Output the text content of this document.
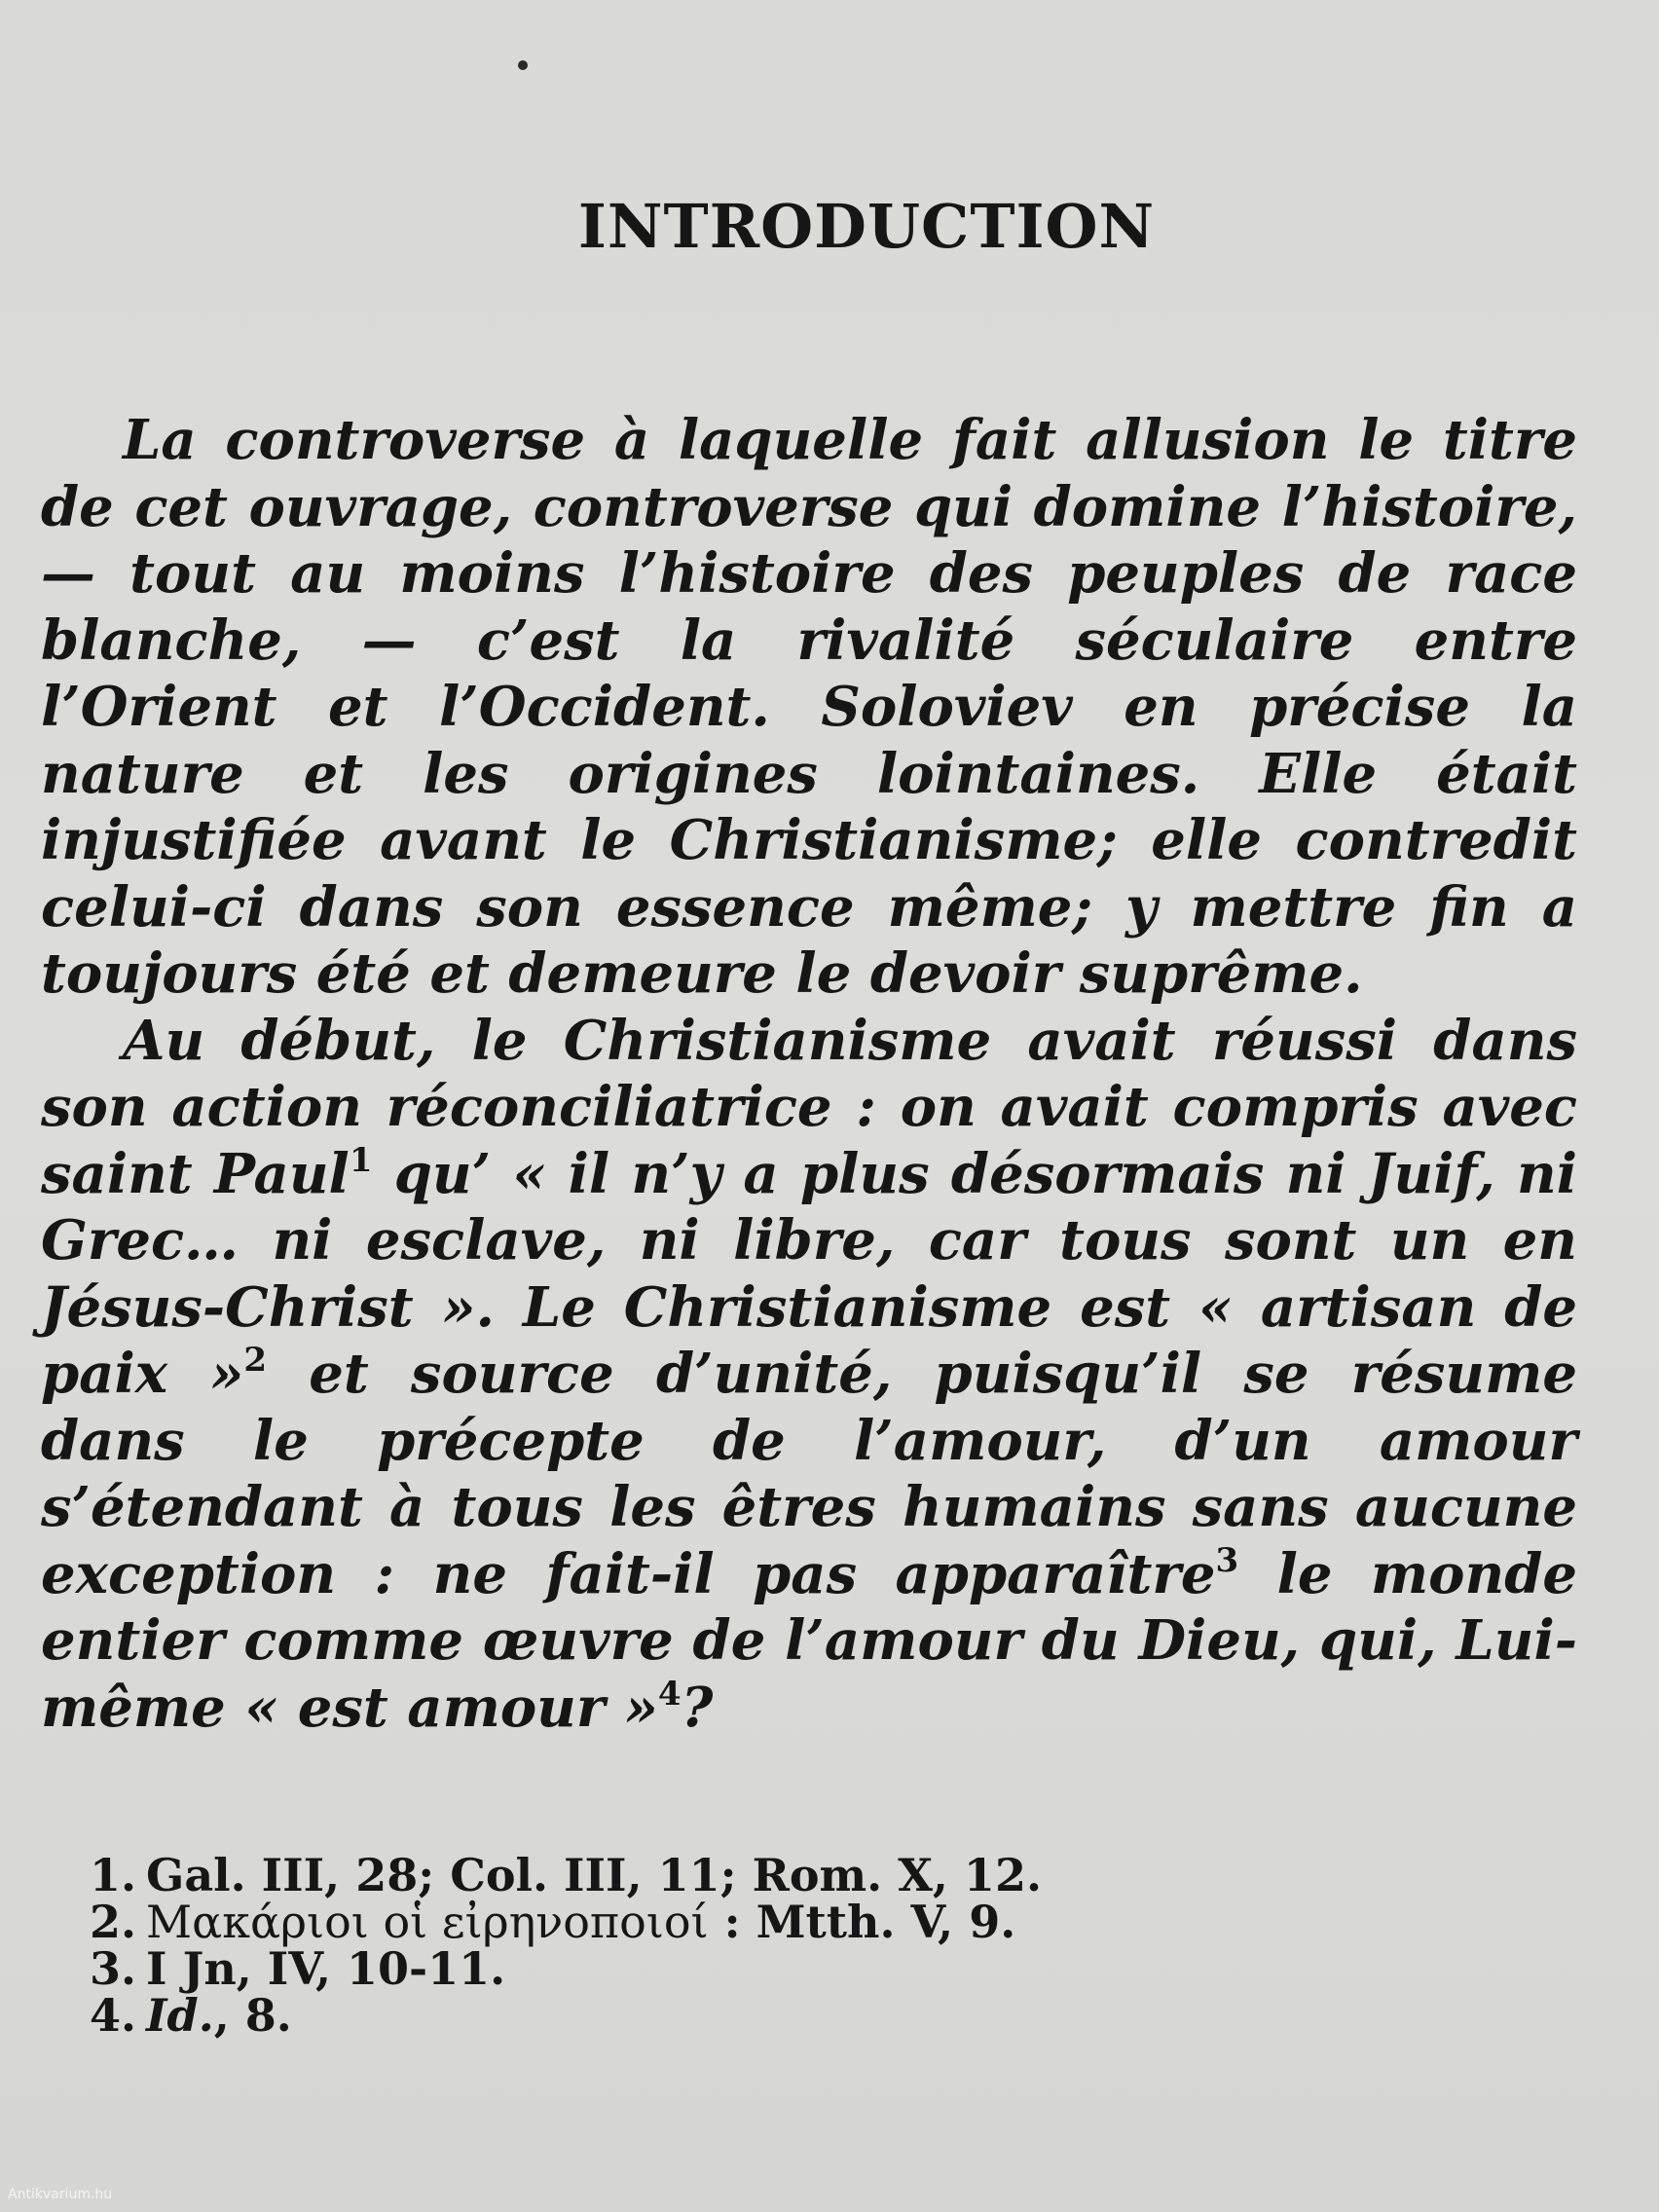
INTRODUCTION

La controverse à laquelle fait allusion le titre de cet ouvrage, controverse qui domine l’histoire, — tout au moins l’histoire des peuples de race blanche, — c’est la rivalité séculaire entre l’Orient et l’Occident. Soloviev en précise la nature et les origines lointaines. Elle était injustifiée avant le Christianisme; elle contredit celui-ci dans son essence même; y mettre fin a toujours été et demeure le devoir suprême.

Au début, le Christianisme avait réussi dans son action réconciliatrice : on avait compris avec saint Paul$^1$ qu’ « il n’y a plus désormais ni Juif, ni Grec… ni esclave, ni libre, car tous sont un en Jésus-Christ ». Le Christianisme est « artisan de paix »$^2$ et source d’unité, puisqu’il se résume dans le précepte de l’amour, d’un amour s’étendant à tous les êtres humains sans aucune exception : ne fait-il pas apparaître$^3$ le monde entier comme œuvre de l’amour du Dieu, qui, Lui-même « est amour »$^4$?

1. Gal. III, 28; Col. III, 11; Rom. X, 12.
2. Μακάριοι οἱ εἰρηνοποιοί : Mtth. V, 9.
3. I Jn, IV, 10-11.
4. Id., 8.
Antikvarium.hu
